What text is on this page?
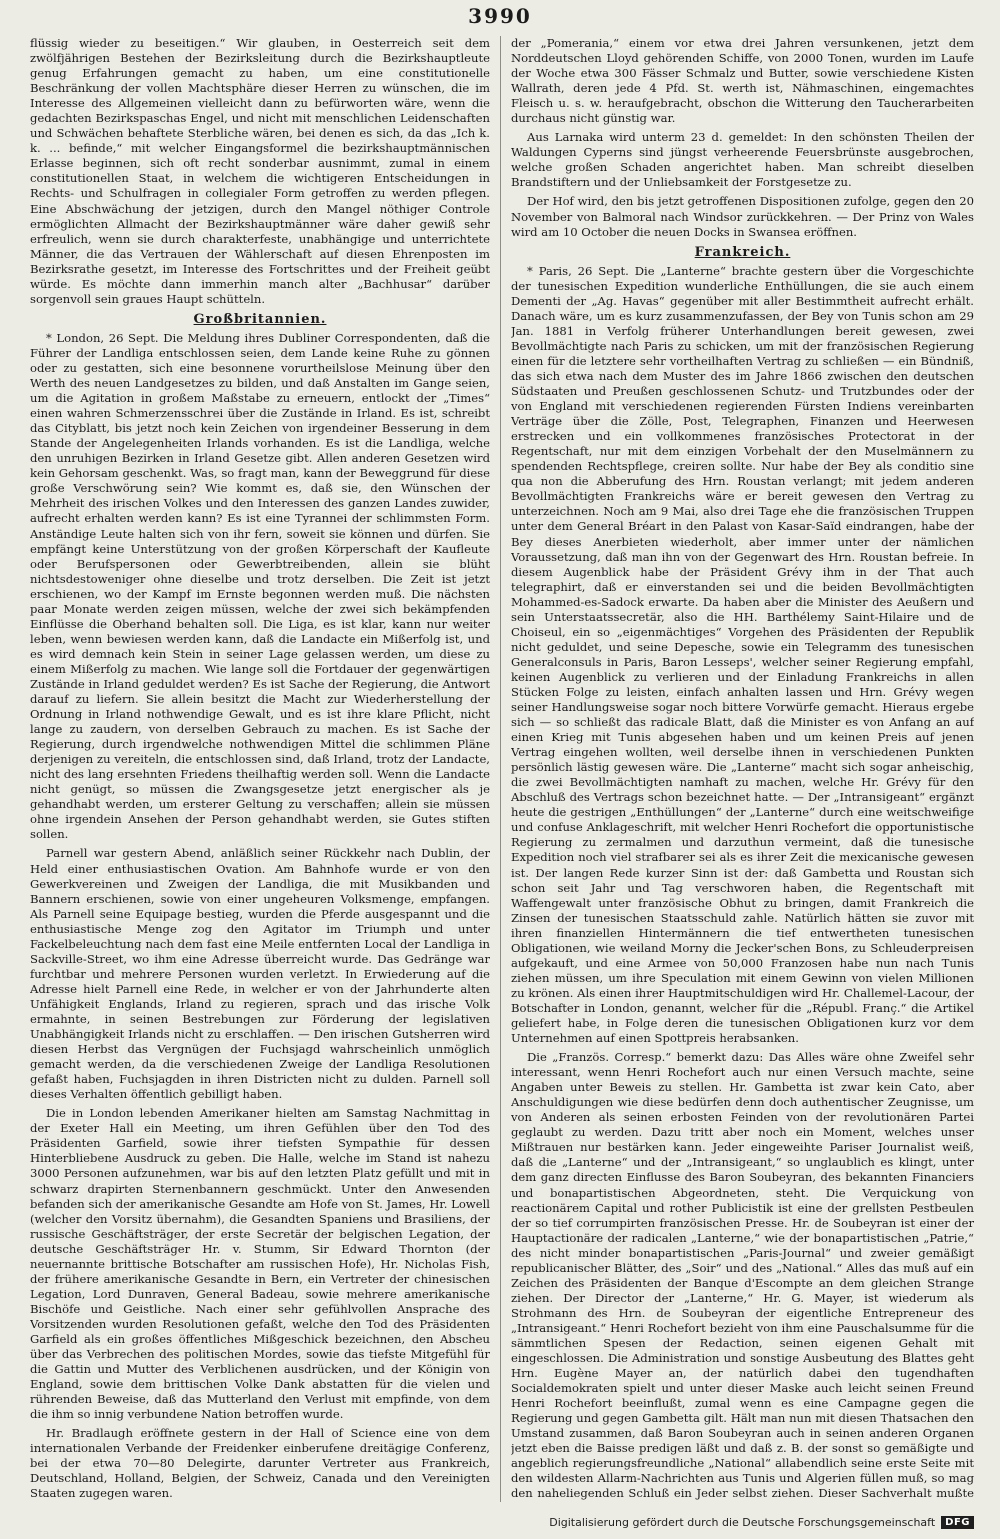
3990

flüssig wieder zu beseitigen.“ Wir glauben, in Oesterreich seit dem zwölfjährigen Bestehen der Bezirksleitung durch die Bezirkshauptleute genug Erfahrungen gemacht zu haben, um eine constitutionelle Beschränkung der vollen Machtsphäre dieser Herren zu wünschen, die im Interesse des Allgemeinen vielleicht dann zu befürworten wäre, wenn die gedachten Bezirkspaschas Engel, und nicht mit menschlichen Leidenschaften und Schwächen behaftete Sterbliche wären, bei denen es sich, da das „Ich k. k. ... befinde,“ mit welcher Eingangsformel die bezirkshauptmännischen Erlasse beginnen, sich oft recht sonderbar ausnimmt, zumal in einem constitutionellen Staat, in welchem die wichtigeren Entscheidungen in Rechts- und Schulfragen in collegialer Form getroffen zu werden pflegen. Eine Abschwächung der jetzigen, durch den Mangel nöthiger Controle ermöglichten Allmacht der Bezirkshauptmänner wäre daher gewiß sehr erfreulich, wenn sie durch charakterfeste, unabhängige und unterrichtete Männer, die das Vertrauen der Wählerschaft auf diesen Ehrenposten im Bezirksrathe gesetzt, im Interesse des Fortschrittes und der Freiheit geübt würde. Es möchte dann immerhin manch alter „Bachhusar“ darüber sorgenvoll sein graues Haupt schütteln.

Großbritannien.

* London, 26 Sept. Die Meldung ihres Dubliner Correspondenten, daß die Führer der Landliga entschlossen seien, dem Lande keine Ruhe zu gönnen oder zu gestatten, sich eine besonnene vorurtheilslose Meinung über den Werth des neuen Landgesetzes zu bilden, und daß Anstalten im Gange seien, um die Agitation in großem Maßstabe zu erneuern, entlockt der „Times“ einen wahren Schmerzensschrei über die Zustände in Irland. Es ist, schreibt das Cityblatt, bis jetzt noch kein Zeichen von irgendeiner Besserung in dem Stande der Angelegenheiten Irlands vorhanden. Es ist die Landliga, welche den unruhigen Bezirken in Irland Gesetze gibt. Allen anderen Gesetzen wird kein Gehorsam geschenkt. Was, so fragt man, kann der Beweggrund für diese große Verschwörung sein? Wie kommt es, daß sie, den Wünschen der Mehrheit des irischen Volkes und den Interessen des ganzen Landes zuwider, aufrecht erhalten werden kann? Es ist eine Tyrannei der schlimmsten Form. Anständige Leute halten sich von ihr fern, soweit sie können und dürfen. Sie empfängt keine Unterstützung von der großen Körperschaft der Kaufleute oder Berufspersonen oder Gewerbtreibenden, allein sie blüht nichtsdestoweniger ohne dieselbe und trotz derselben. Die Zeit ist jetzt erschienen, wo der Kampf im Ernste begonnen werden muß. Die nächsten paar Monate werden zeigen müssen, welche der zwei sich bekämpfenden Einflüsse die Oberhand behalten soll. Die Liga, es ist klar, kann nur weiter leben, wenn bewiesen werden kann, daß die Landacte ein Mißerfolg ist, und es wird demnach kein Stein in seiner Lage gelassen werden, um diese zu einem Mißerfolg zu machen. Wie lange soll die Fortdauer der gegenwärtigen Zustände in Irland geduldet werden? Es ist Sache der Regierung, die Antwort darauf zu liefern. Sie allein besitzt die Macht zur Wiederherstellung der Ordnung in Irland nothwendige Gewalt, und es ist ihre klare Pflicht, nicht lange zu zaudern, von derselben Gebrauch zu machen. Es ist Sache der Regierung, durch irgendwelche nothwendigen Mittel die schlimmen Pläne derjenigen zu vereiteln, die entschlossen sind, daß Irland, trotz der Landacte, nicht des lang ersehnten Friedens theilhaftig werden soll. Wenn die Landacte nicht genügt, so müssen die Zwangsgesetze jetzt energischer als je gehandhabt werden, um ersterer Geltung zu verschaffen; allein sie müssen ohne irgendein Ansehen der Person gehandhabt werden, sie Gutes stiften sollen.

Parnell war gestern Abend, anläßlich seiner Rückkehr nach Dublin, der Held einer enthusiastischen Ovation. Am Bahnhofe wurde er von den Gewerkvereinen und Zweigen der Landliga, die mit Musikbanden und Bannern erschienen, sowie von einer ungeheuren Volksmenge, empfangen. Als Parnell seine Equipage bestieg, wurden die Pferde ausgespannt und die enthusiastische Menge zog den Agitator im Triumph und unter Fackelbeleuchtung nach dem fast eine Meile entfernten Local der Landliga in Sackville-Street, wo ihm eine Adresse überreicht wurde. Das Gedränge war furchtbar und mehrere Personen wurden verletzt. In Erwiederung auf die Adresse hielt Parnell eine Rede, in welcher er von der Jahrhunderte alten Unfähigkeit Englands, Irland zu regieren, sprach und das irische Volk ermahnte, in seinen Bestrebungen zur Förderung der legislativen Unabhängigkeit Irlands nicht zu erschlaffen. — Den irischen Gutsherren wird diesen Herbst das Vergnügen der Fuchsjagd wahrscheinlich unmöglich gemacht werden, da die verschiedenen Zweige der Landliga Resolutionen gefaßt haben, Fuchsjagden in ihren Districten nicht zu dulden. Parnell soll dieses Verhalten öffentlich gebilligt haben.

Die in London lebenden Amerikaner hielten am Samstag Nachmittag in der Exeter Hall ein Meeting, um ihren Gefühlen über den Tod des Präsidenten Garfield, sowie ihrer tiefsten Sympathie für dessen Hinterbliebene Ausdruck zu geben. Die Halle, welche im Stand ist nahezu 3000 Personen aufzunehmen, war bis auf den letzten Platz gefüllt und mit in schwarz drapirten Sternenbannern geschmückt. Unter den Anwesenden befanden sich der amerikanische Gesandte am Hofe von St. James, Hr. Lowell (welcher den Vorsitz übernahm), die Gesandten Spaniens und Brasiliens, der russische Geschäftsträger, der erste Secretär der belgischen Legation, der deutsche Geschäftsträger Hr. v. Stumm, Sir Edward Thornton (der neuernannte brittische Botschafter am russischen Hofe), Hr. Nicholas Fish, der frühere amerikanische Gesandte in Bern, ein Vertreter der chinesischen Legation, Lord Dunraven, General Badeau, sowie mehrere amerikanische Bischöfe und Geistliche. Nach einer sehr gefühlvollen Ansprache des Vorsitzenden wurden Resolutionen gefaßt, welche den Tod des Präsidenten Garfield als ein großes öffentliches Mißgeschick bezeichnen, den Abscheu über das Verbrechen des politischen Mordes, sowie das tiefste Mitgefühl für die Gattin und Mutter des Verblichenen ausdrücken, und der Königin von England, sowie dem brittischen Volke Dank abstatten für die vielen und rührenden Beweise, daß das Mutterland den Verlust mit empfinde, von dem die ihm so innig verbundene Nation betroffen wurde.

Hr. Bradlaugh eröffnete gestern in der Hall of Science eine von dem internationalen Verbande der Freidenker einberufene dreitägige Conferenz, bei der etwa 70—80 Delegirte, darunter Vertreter aus Frankreich, Deutschland, Holland, Belgien, der Schweiz, Canada und den Vereinigten Staaten zugegen waren.

der „Pomerania,“ einem vor etwa drei Jahren versunkenen, jetzt dem Norddeutschen Lloyd gehörenden Schiffe, von 2000 Tonen, wurden im Laufe der Woche etwa 300 Fässer Schmalz und Butter, sowie verschiedene Kisten Wallrath, deren jede 4 Pfd. St. werth ist, Nähmaschinen, eingemachtes Fleisch u. s. w. heraufgebracht, obschon die Witterung den Taucherarbeiten durchaus nicht günstig war.

Aus Larnaka wird unterm 23 d. gemeldet: In den schönsten Theilen der Waldungen Cyperns sind jüngst verheerende Feuersbrünste ausgebrochen, welche großen Schaden angerichtet haben. Man schreibt dieselben Brandstiftern und der Unliebsamkeit der Forstgesetze zu.

Der Hof wird, den bis jetzt getroffenen Dispositionen zufolge, gegen den 20 November von Balmoral nach Windsor zurückkehren. — Der Prinz von Wales wird am 10 October die neuen Docks in Swansea eröffnen.

Frankreich.

* Paris, 26 Sept. Die „Lanterne“ brachte gestern über die Vorgeschichte der tunesischen Expedition wunderliche Enthüllungen, die sie auch einem Dementi der „Ag. Havas“ gegenüber mit aller Bestimmtheit aufrecht erhält. Danach wäre, um es kurz zusammenzufassen, der Bey von Tunis schon am 29 Jan. 1881 in Verfolg früherer Unterhandlungen bereit gewesen, zwei Bevollmächtigte nach Paris zu schicken, um mit der französischen Regierung einen für die letztere sehr vortheilhaften Vertrag zu schließen — ein Bündniß, das sich etwa nach dem Muster des im Jahre 1866 zwischen den deutschen Südstaaten und Preußen geschlossenen Schutz- und Trutzbundes oder der von England mit verschiedenen regierenden Fürsten Indiens vereinbarten Verträge über die Zölle, Post, Telegraphen, Finanzen und Heerwesen erstrecken und ein vollkommenes französisches Protectorat in der Regentschaft, nur mit dem einzigen Vorbehalt der den Muselmännern zu spendenden Rechtspflege, creiren sollte. Nur habe der Bey als conditio sine qua non die Abberufung des Hrn. Roustan verlangt; mit jedem anderen Bevollmächtigten Frankreichs wäre er bereit gewesen den Vertrag zu unterzeichnen. Noch am 9 Mai, also drei Tage ehe die französischen Truppen unter dem General Bréart in den Palast von Kasar-Saïd eindrangen, habe der Bey dieses Anerbieten wiederholt, aber immer unter der nämlichen Voraussetzung, daß man ihn von der Gegenwart des Hrn. Roustan befreie. In diesem Augenblick habe der Präsident Grévy ihm in der That auch telegraphirt, daß er einverstanden sei und die beiden Bevollmächtigten Mohammed-es-Sadock erwarte. Da haben aber die Minister des Aeußern und sein Unterstaatssecretär, also die HH. Barthélemy Saint-Hilaire und de Choiseul, ein so „eigenmächtiges“ Vorgehen des Präsidenten der Republik nicht geduldet, und seine Depesche, sowie ein Telegramm des tunesischen Generalconsuls in Paris, Baron Lesseps', welcher seiner Regierung empfahl, keinen Augenblick zu verlieren und der Einladung Frankreichs in allen Stücken Folge zu leisten, einfach anhalten lassen und Hrn. Grévy wegen seiner Handlungsweise sogar noch bittere Vorwürfe gemacht. Hieraus ergebe sich — so schließt das radicale Blatt, daß die Minister es von Anfang an auf einen Krieg mit Tunis abgesehen haben und um keinen Preis auf jenen Vertrag eingehen wollten, weil derselbe ihnen in verschiedenen Punkten persönlich lästig gewesen wäre. Die „Lanterne“ macht sich sogar anheischig, die zwei Bevollmächtigten namhaft zu machen, welche Hr. Grévy für den Abschluß des Vertrags schon bezeichnet hatte. — Der „Intransigeant“ ergänzt heute die gestrigen „Enthüllungen“ der „Lanterne“ durch eine weitschweifige und confuse Anklageschrift, mit welcher Henri Rochefort die opportunistische Regierung zu zermalmen und darzuthun vermeint, daß die tunesische Expedition noch viel strafbarer sei als es ihrer Zeit die mexicanische gewesen ist. Der langen Rede kurzer Sinn ist der: daß Gambetta und Roustan sich schon seit Jahr und Tag verschworen haben, die Regentschaft mit Waffengewalt unter französische Obhut zu bringen, damit Frankreich die Zinsen der tunesischen Staatsschuld zahle. Natürlich hätten sie zuvor mit ihren finanziellen Hintermännern die tief entwertheten tunesischen Obligationen, wie weiland Morny die Jecker'schen Bons, zu Schleuderpreisen aufgekauft, und eine Armee von 50,000 Franzosen habe nun nach Tunis ziehen müssen, um ihre Speculation mit einem Gewinn von vielen Millionen zu krönen. Als einen ihrer Hauptmitschuldigen wird Hr. Challemel-Lacour, der Botschafter in London, genannt, welcher für die „Républ. Franç.“ die Artikel geliefert habe, in Folge deren die tunesischen Obligationen kurz vor dem Unternehmen auf einen Spottpreis herabsanken.

Die „Französ. Corresp.“ bemerkt dazu: Das Alles wäre ohne Zweifel sehr interessant, wenn Henri Rochefort auch nur einen Versuch machte, seine Angaben unter Beweis zu stellen. Hr. Gambetta ist zwar kein Cato, aber Anschuldigungen wie diese bedürfen denn doch authentischer Zeugnisse, um von Anderen als seinen erbosten Feinden von der revolutionären Partei geglaubt zu werden. Dazu tritt aber noch ein Moment, welches unser Mißtrauen nur bestärken kann. Jeder eingeweihte Pariser Journalist weiß, daß die „Lanterne“ und der „Intransigeant,“ so unglaublich es klingt, unter dem ganz directen Einflusse des Baron Soubeyran, des bekannten Financiers und bonapartistischen Abgeordneten, steht. Die Verquickung von reactionärem Capital und rother Publicistik ist eine der grellsten Pestbeulen der so tief corrumpirten französischen Presse. Hr. de Soubeyran ist einer der Hauptactionäre der radicalen „Lanterne,“ wie der bonapartistischen „Patrie,“ des nicht minder bonapartistischen „Paris-Journal“ und zweier gemäßigt republicanischer Blätter, des „Soir“ und des „National.“ Alles das muß auf ein Zeichen des Präsidenten der Banque d'Escompte an dem gleichen Strange ziehen. Der Director der „Lanterne,“ Hr. G. Mayer, ist wiederum als Strohmann des Hrn. de Soubeyran der eigentliche Entrepreneur des „Intransigeant.“ Henri Rochefort bezieht von ihm eine Pauschalsumme für die sämmtlichen Spesen der Redaction, seinen eigenen Gehalt mit eingeschlossen. Die Administration und sonstige Ausbeutung des Blattes geht Hrn. Eugène Mayer an, der natürlich dabei den tugendhaften Socialdemokraten spielt und unter dieser Maske auch leicht seinen Freund Henri Rochefort beeinflußt, zumal wenn es eine Campagne gegen die Regierung und gegen Gambetta gilt. Hält man nun mit diesen Thatsachen den Umstand zusammen, daß Baron Soubeyran auch in seinen anderen Organen jetzt eben die Baisse predigen läßt und daß z. B. der sonst so gemäßigte und angeblich regierungsfreundliche „National“ allabendlich seine erste Seite mit den wildesten Allarm-Nachrichten aus Tunis und Algerien füllen muß, so mag den naheliegenden Schluß ein Jeder selbst ziehen. Dieser Sachverhalt mußte

Digitalisierung gefördert durch die Deutsche Forschungsgemeinschaft	DFG
